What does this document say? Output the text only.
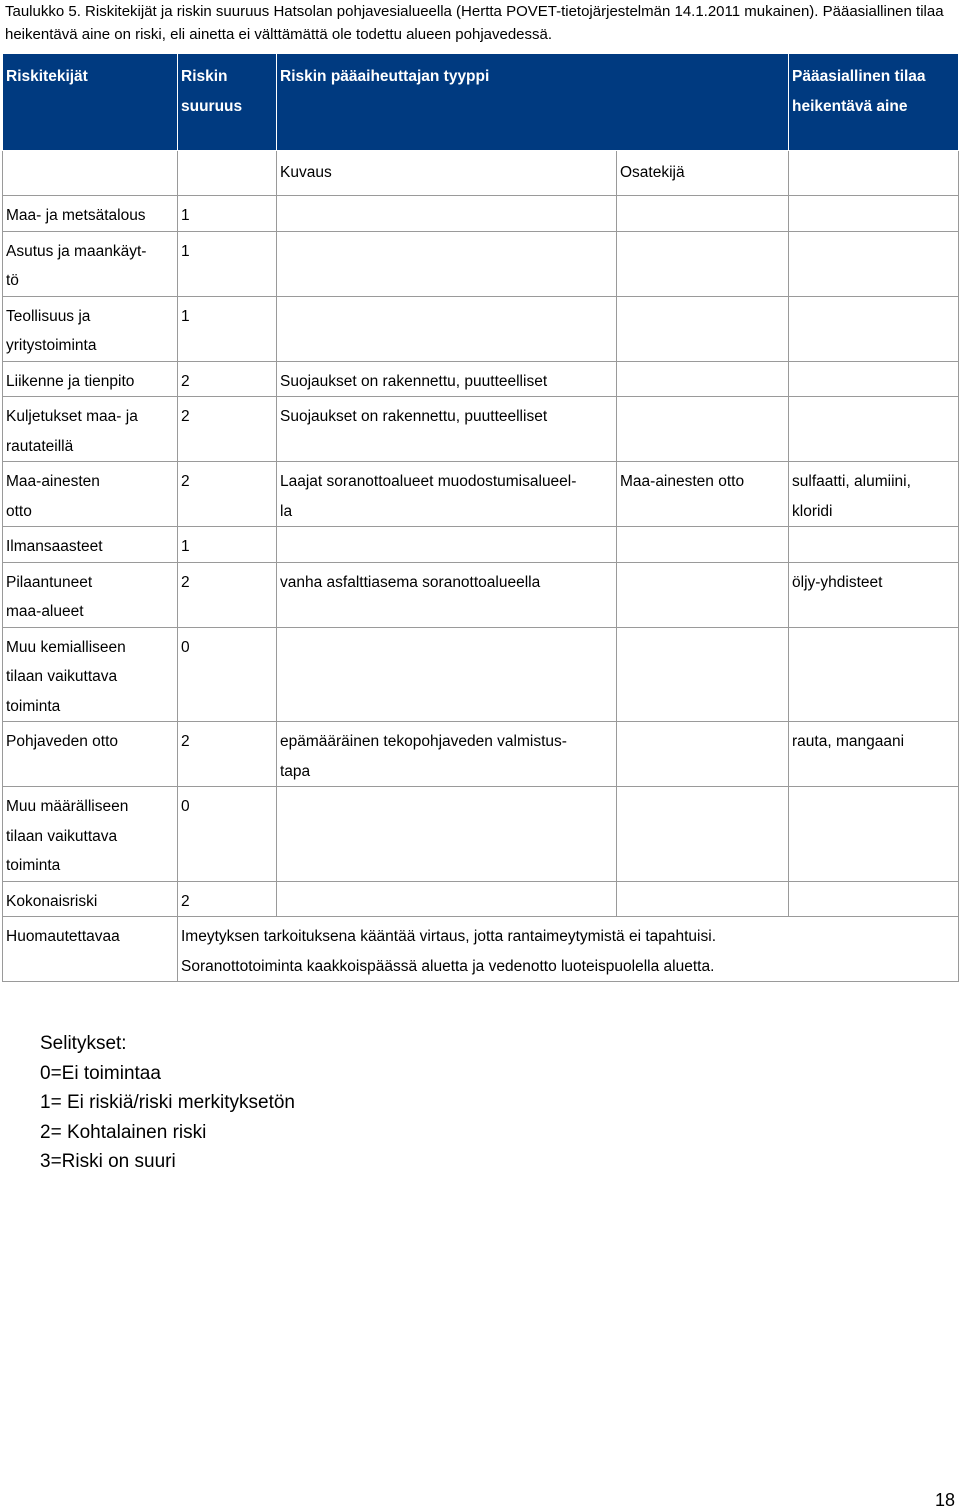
Taulukko 5. Riskitekijät ja riskin suuruus Hatsolan pohjavesialueella (Hertta POVET-tietojärjestelmän 14.1.2011 mukainen). Pääasiallinen tilaa heikentävä aine on riski, eli ainetta ei välttämättä ole todettu alueen pohjavedessä.
Riskitekijät	Riskin suuruus	Riskin pääaiheuttajan tyyppi		Pääasiallinen tilaa heikentävä aine
		Kuvaus	Osatekijä	
Maa- ja metsätalous	1			
Asutus ja maankäyt-
tö	1			
Teollisuus ja
yritystoiminta	1			
Liikenne ja tienpito	2	Suojaukset on rakennettu, puutteelliset		
Kuljetukset maa- ja
rautateillä	2	Suojaukset on rakennettu, puutteelliset		
Maa-ainesten
otto	2	Laajat soranottoalueet muodostumisalueel-
la	Maa-ainesten otto	sulfaatti, alumiini,
kloridi
Ilmansaasteet	1			
Pilaantuneet
maa-alueet	2	vanha asfalttiasema soranottoalueella		öljy-yhdisteet
Muu kemialliseen
tilaan vaikuttava
toiminta	0			
Pohjaveden otto	2	epämääräinen tekopohjaveden valmistus-
tapa		rauta, mangaani
Muu määrälliseen
tilaan vaikuttava
toiminta	0			
Kokonaisriski	2			
Huomautettavaa	Imeytyksen tarkoituksena kääntää virtaus, jotta rantaimeytymistä ei tapahtuisi.
Soranottotoiminta kaakkoispäässä aluetta ja vedenotto luoteispuolella aluetta.			
Selitykset:
0=Ei toimintaa
1= Ei riskiä/riski merkityksetön
2= Kohtalainen riski
3=Riski on suuri
18
